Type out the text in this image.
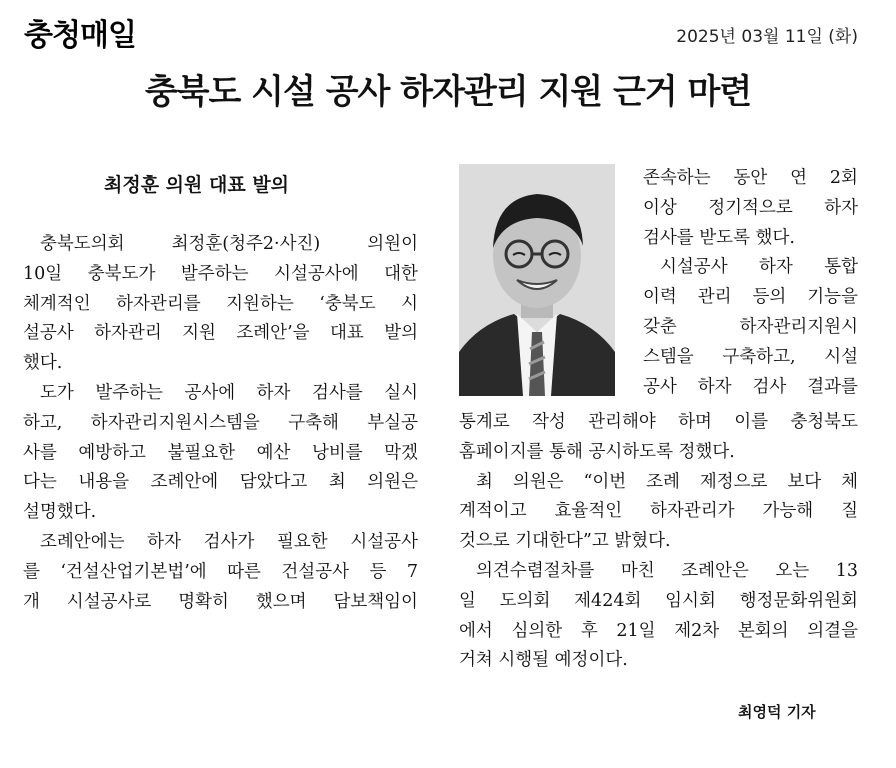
충청매일	2025년 03월 11일 (화)
충북도 시설 공사 하자관리 지원 근거 마련
최정훈 의원 대표 발의
충북도의회	최정훈(청주2·사진)	의원이
10일 충북도가 발주하는 시설공사에 대한
체계적인 하자관리를 지원하는 ‘충북도 시
설공사 하자관리 지원 조례안’을 대표 발의
했다.
도가 발주하는 공사에 하자 검사를 실시
하고, 하자관리지원시스템을 구축해 부실공
사를 예방하고 불필요한 예산 낭비를 막겠
다는 내용을 조례안에 담았다고 최 의원은
설명했다.
조례안에는 하자 검사가 필요한 시설공사
를 ‘건설산업기본법’에 따른 건설공사 등 7
개 시설공사로 명확히 했으며 담보책임이
존속하는 동안 연 2회
이상 정기적으로 하자
검사를 받도록 했다.
시설공사 하자 통합
이력 관리 등의 기능을
갖춘	하자관리지원시
스템을 구축하고, 시설
공사 하자 검사 결과를
통계로 작성 관리해야 하며 이를 충청북도
홈페이지를 통해 공시하도록 정했다.
최 의원은 “이번 조례 제정으로 보다 체
계적이고 효율적인 하자관리가 가능해 질
것으로 기대한다”고 밝혔다.
의견수렴절차를 마친 조례안은 오는 13
일 도의회 제424회 임시회 행정문화위원회
에서 심의한 후 21일 제2차 본회의 의결을
거쳐 시행될 예정이다.
최영덕 기자
